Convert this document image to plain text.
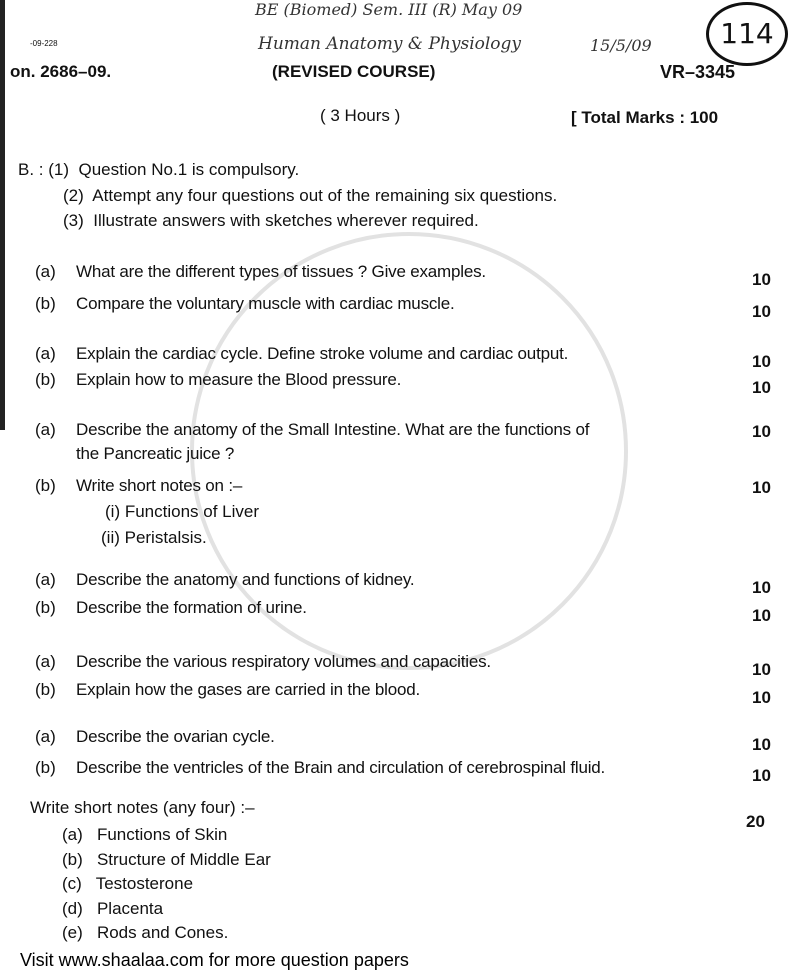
BE (Biomed) Sem. III (R) May 09
Human Anatomy & Physiology	15/5/09	114
-09-228
on. 2686–09.	(REVISED COURSE)	VR–3345
( 3 Hours )	[ Total Marks : 100
B. : (1) Question No.1 is compulsory.
(2) Attempt any four questions out of the remaining six questions.
(3) Illustrate answers with sketches wherever required.
(a) What are the different types of tissues ? Give examples.	10
(b) Compare the voluntary muscle with cardiac muscle.	10
(a) Explain the cardiac cycle. Define stroke volume and cardiac output.	10
(b) Explain how to measure the Blood pressure.	10
(a) Describe the anatomy of the Small Intestine. What are the functions of	10
the Pancreatic juice ?
(b) Write short notes on :–	10
(i) Functions of Liver
(ii) Peristalsis.
(a) Describe the anatomy and functions of kidney.	10
(b) Describe the formation of urine.	10
(a) Describe the various respiratory volumes and capacities.	10
(b) Explain how the gases are carried in the blood.	10
(a) Describe the ovarian cycle.	10
(b) Describe the ventricles of the Brain and circulation of cerebrospinal fluid.	10
Write short notes (any four) :–
20
(a) Functions of Skin
(b) Structure of Middle Ear
(c) Testosterone
(d) Placenta
(e) Rods and Cones.
Visit www.shaalaa.com for more question papers
